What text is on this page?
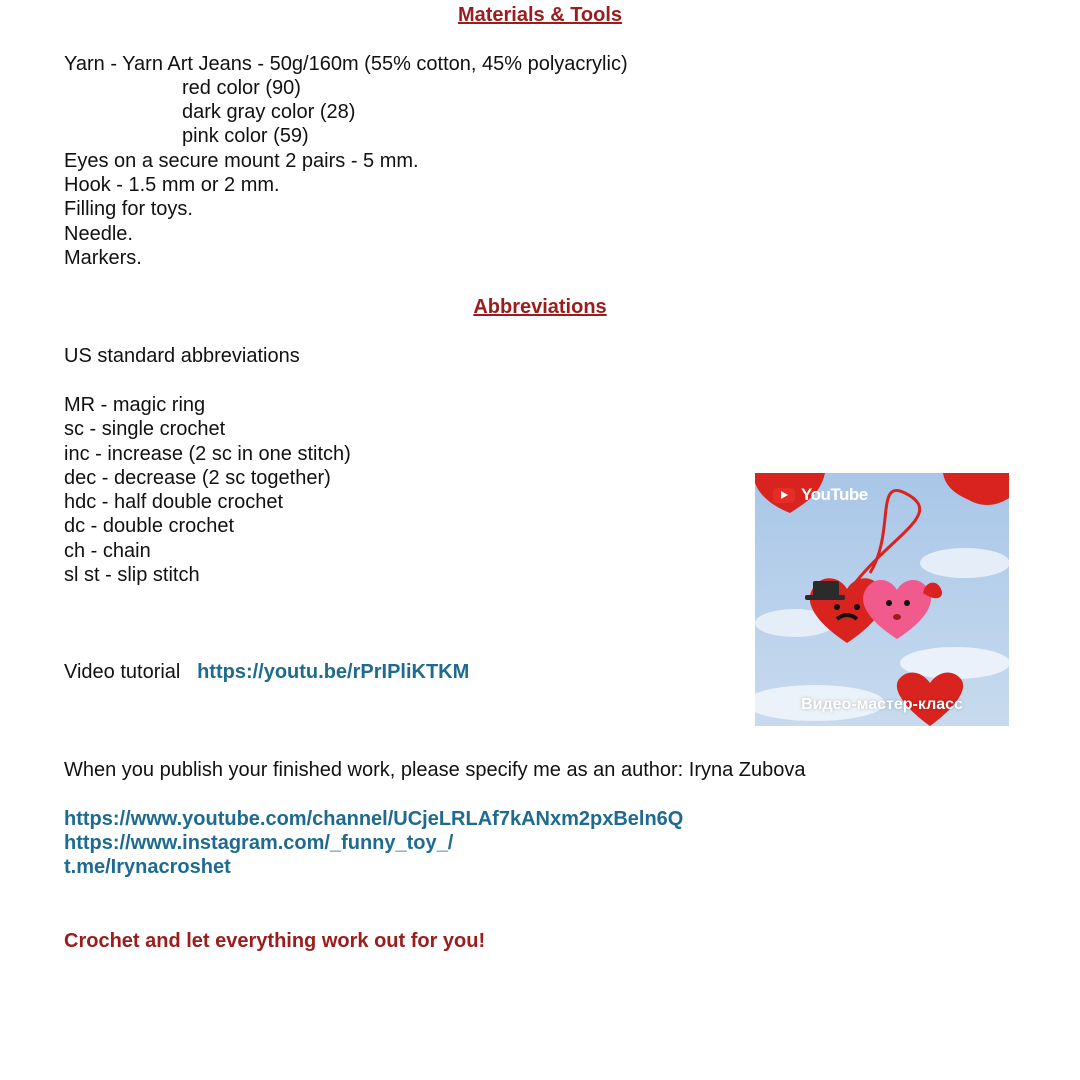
Materials & Tools
Yarn - Yarn Art Jeans - 50g/160m (55% cotton, 45% polyacrylic)
red color (90)
dark gray color (28)
pink color (59)
Eyes on a secure mount 2 pairs - 5 mm.
Hook - 1.5 mm or 2 mm.
Filling for toys.
Needle.
Markers.
Abbreviations
US standard abbreviations
MR - magic ring
sc - single crochet
inc - increase (2 sc in one stitch)
dec - decrease (2 sc together)
hdc - half double crochet
dc - double crochet
ch - chain
sl st - slip stitch
Video tutorial https://youtu.be/rPrIPliKTKM
YouTube
Видео-мастер-класс
When you publish your finished work, please specify me as an author: Iryna Zubova
https://www.youtube.com/channel/UCjeLRLAf7kANxm2pxBeln6Q
https://www.instagram.com/_funny_toy_/
t.me/Irynacroshet
Crochet and let everything work out for you!
